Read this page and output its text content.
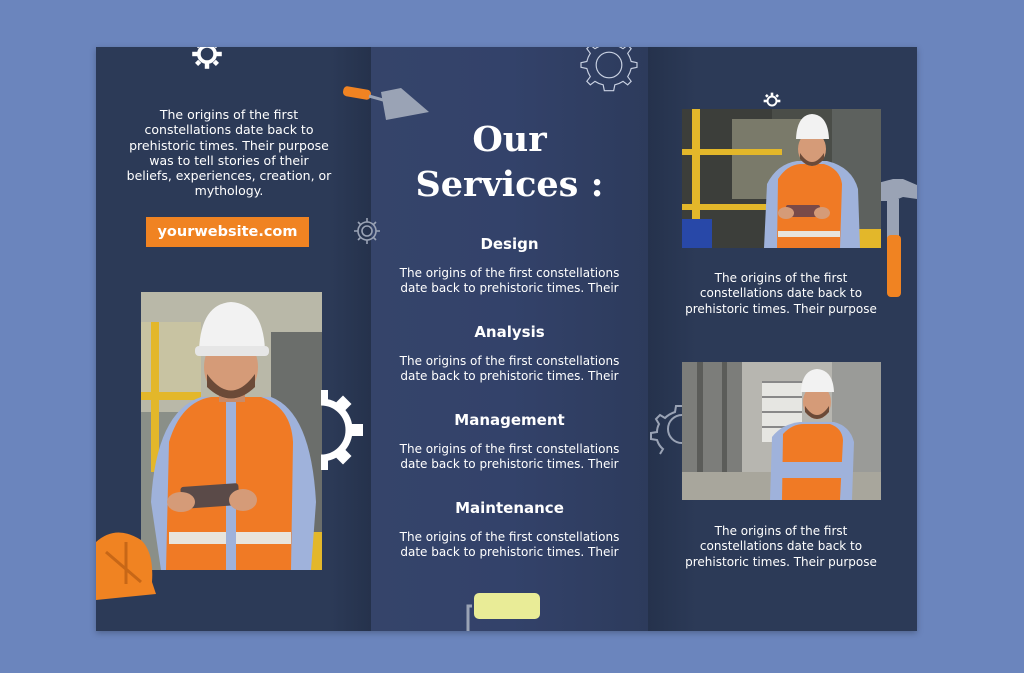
The origins of the first constellations date back to prehistoric times. Their purpose was to tell stories of their beliefs, experiences, creation, or mythology.
yourwebsite.com
Our
Services :
Design
The origins of the first constellations date back to prehistoric times. Their
Analysis
The origins of the first constellations date back to prehistoric times. Their
Management
The origins of the first constellations date back to prehistoric times. Their
Maintenance
The origins of the first constellations date back to prehistoric times. Their
The origins of the first constellations date back to prehistoric times. Their purpose
The origins of the first constellations date back to prehistoric times. Their purpose
